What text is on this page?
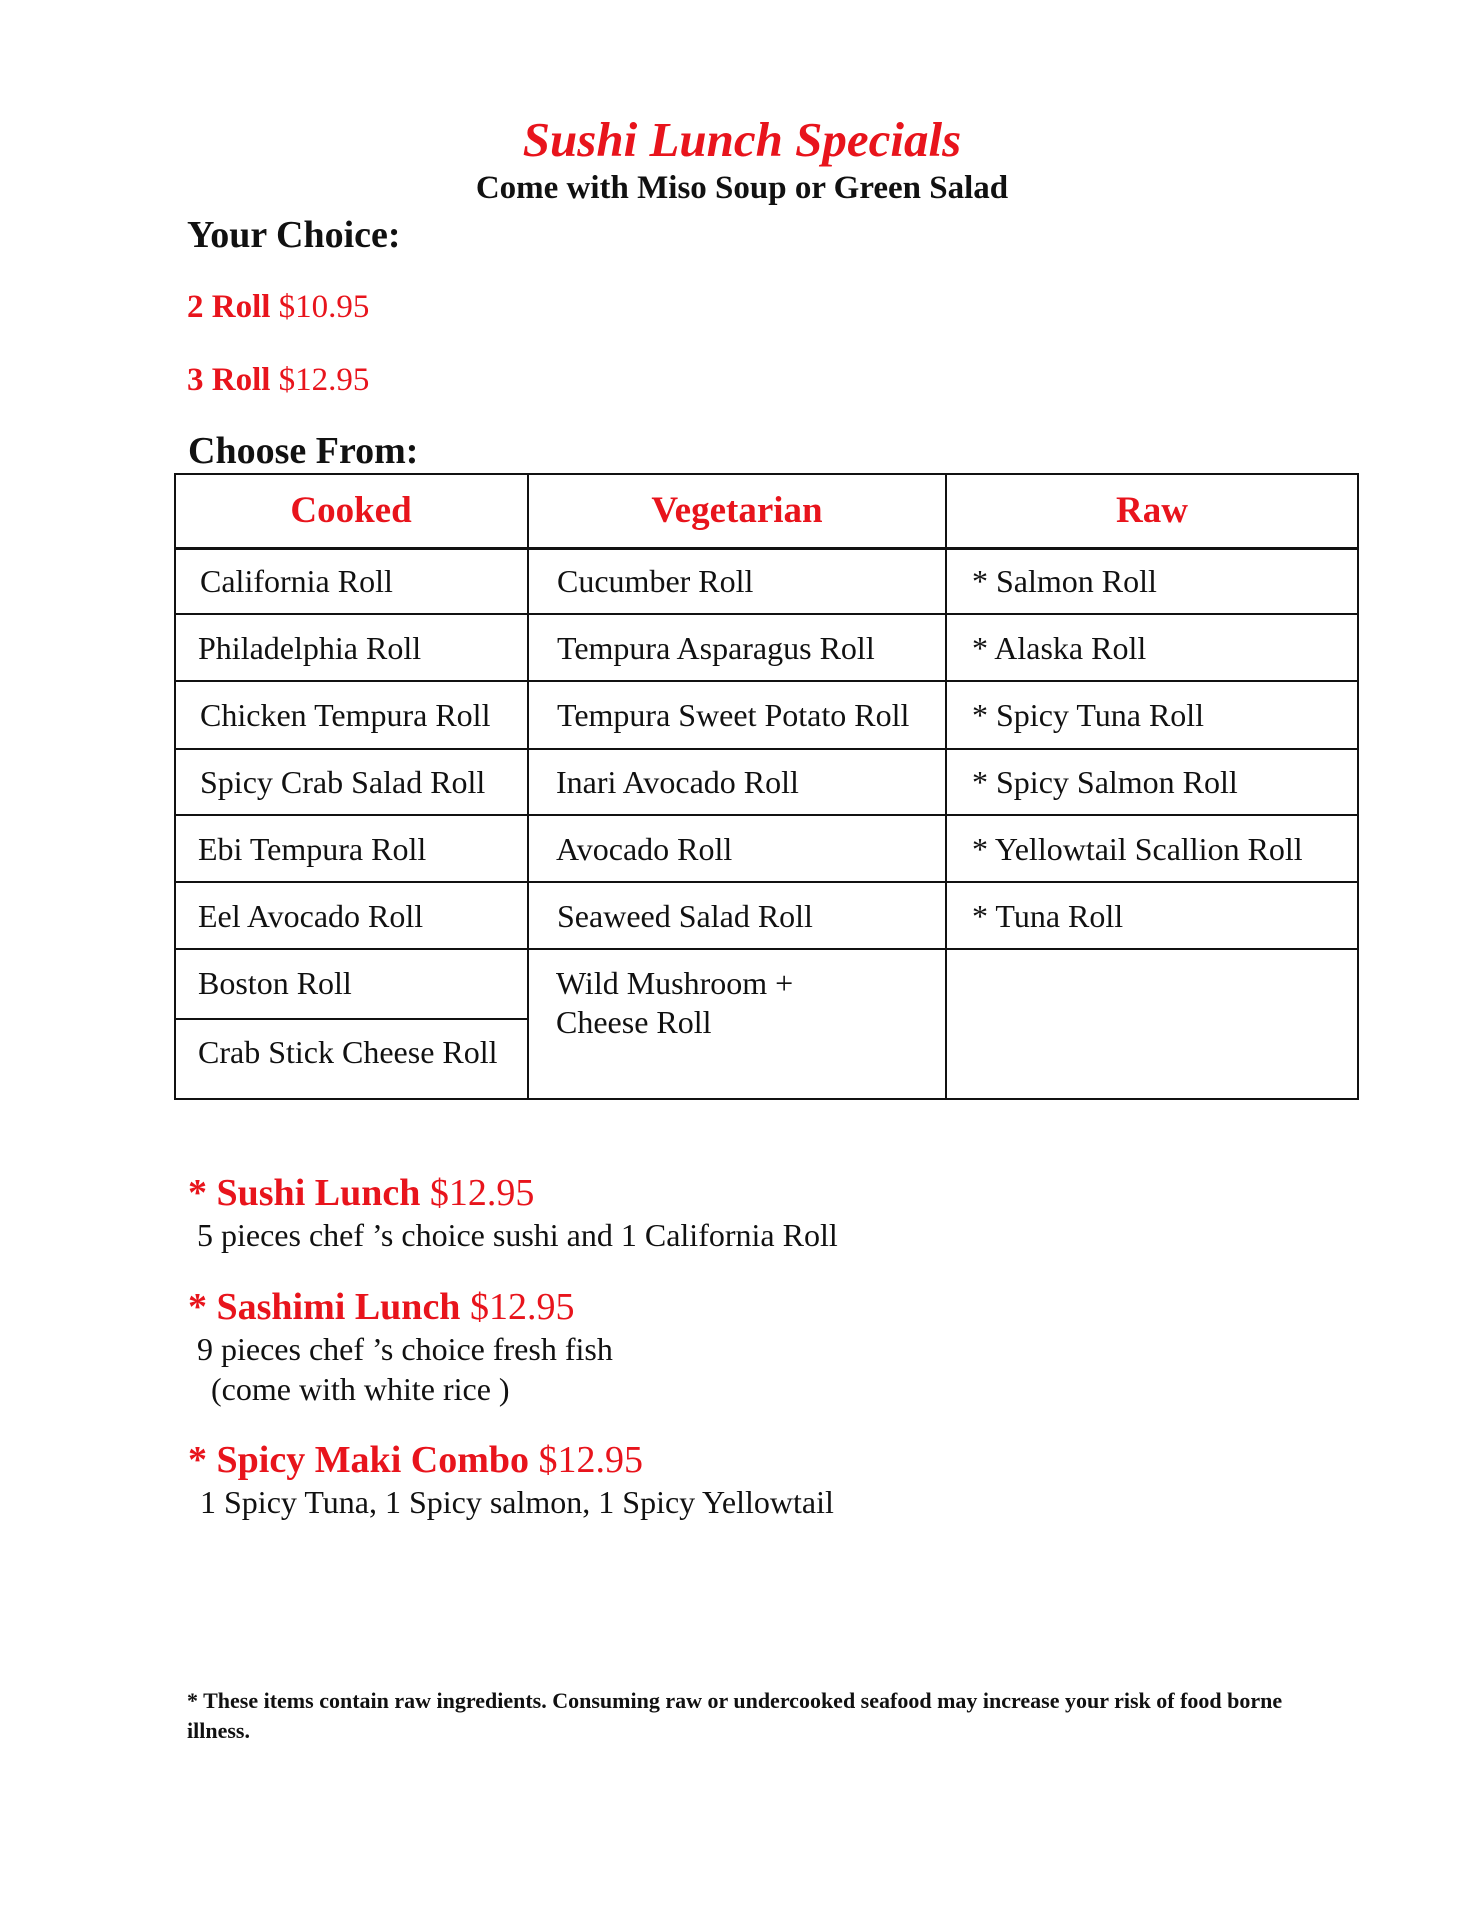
Sushi Lunch Specials
Come with Miso Soup or Green Salad
Your Choice:
2 Roll $10.95
3 Roll $12.95
Choose From:
Cooked	Vegetarian	Raw
California Roll
Philadelphia Roll
Chicken Tempura Roll
Spicy Crab Salad Roll
Ebi Tempura Roll
Eel Avocado Roll
Boston Roll
Crab Stick Cheese Roll
Cucumber Roll
Tempura Asparagus Roll
Tempura Sweet Potato Roll
Inari Avocado Roll
Avocado Roll
Seaweed Salad Roll
Wild Mushroom +
Cheese Roll
* Salmon Roll
* Alaska Roll
* Spicy Tuna Roll
* Spicy Salmon Roll
* Yellowtail Scallion Roll
* Tuna Roll
* Sushi Lunch $12.95
5 pieces chef ’s choice sushi and 1 California Roll
* Sashimi Lunch $12.95
9 pieces chef ’s choice fresh fish
(come with white rice )
* Spicy Maki Combo $12.95
1 Spicy Tuna, 1 Spicy salmon, 1 Spicy Yellowtail
* These items contain raw ingredients. Consuming raw or undercooked seafood may increase your risk of food borne illness.
